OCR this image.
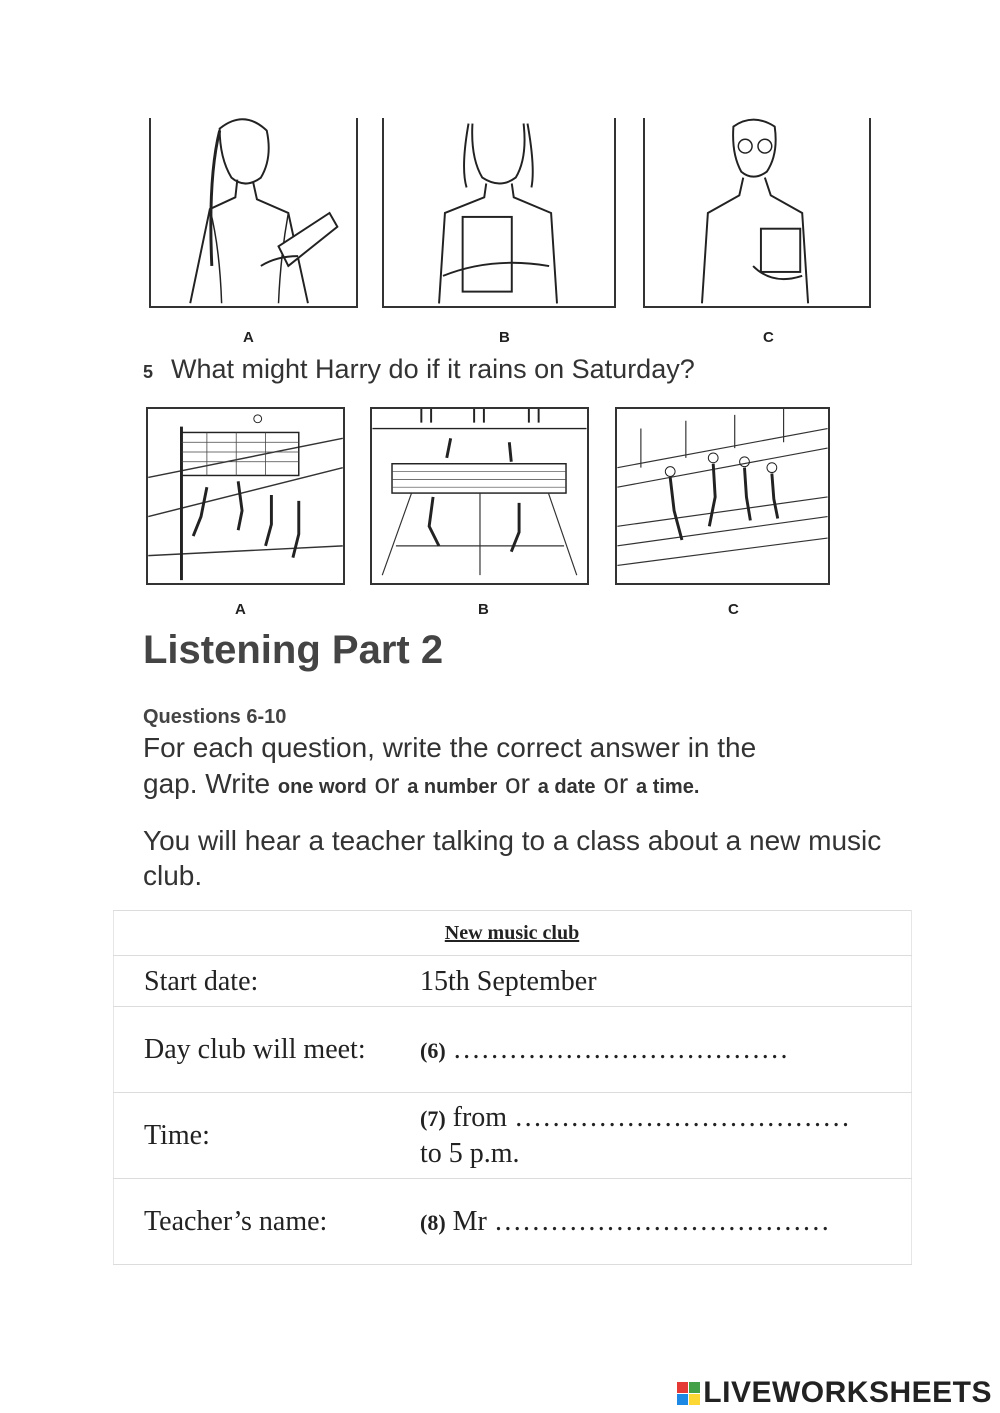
A	B	C
5 What might Harry do if it rains on Saturday?
A	B	C
Listening Part 2
Questions 6-10
For each question, write the correct answer in the
gap. Write one word or a number or a date or a time.
You will hear a teacher talking to a class about a new music club.
New music club	
Start date:	15th September
Day club will meet:	(6) ………………………………
Time:	(7) from ………………………………
to 5 p.m.
Teacher’s name:	(8) Mr ………………………………
LIVEWORKSHEETS
